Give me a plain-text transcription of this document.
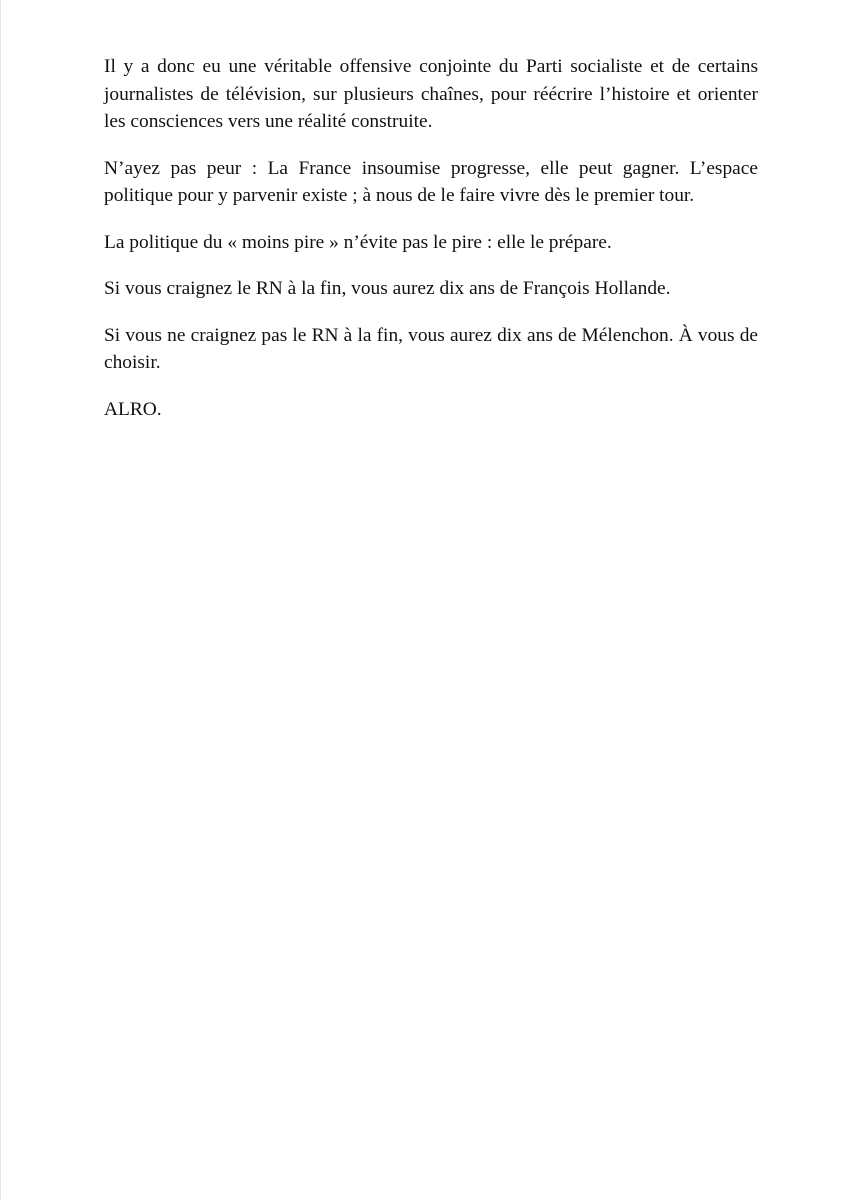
Il y a donc eu une véritable offensive conjointe du Parti socialiste et de certains journalistes de télévision, sur plusieurs chaînes, pour réécrire l’histoire et orienter les consciences vers une réalité construite.

N’ayez pas peur : La France insoumise progresse, elle peut gagner. L’espace politique pour y parvenir existe ; à nous de le faire vivre dès le premier tour.

La politique du « moins pire » n’évite pas le pire : elle le prépare.

Si vous craignez le RN à la fin, vous aurez dix ans de François Hollande.

Si vous ne craignez pas le RN à la fin, vous aurez dix ans de Mélenchon. À vous de choisir.

ALRO.
